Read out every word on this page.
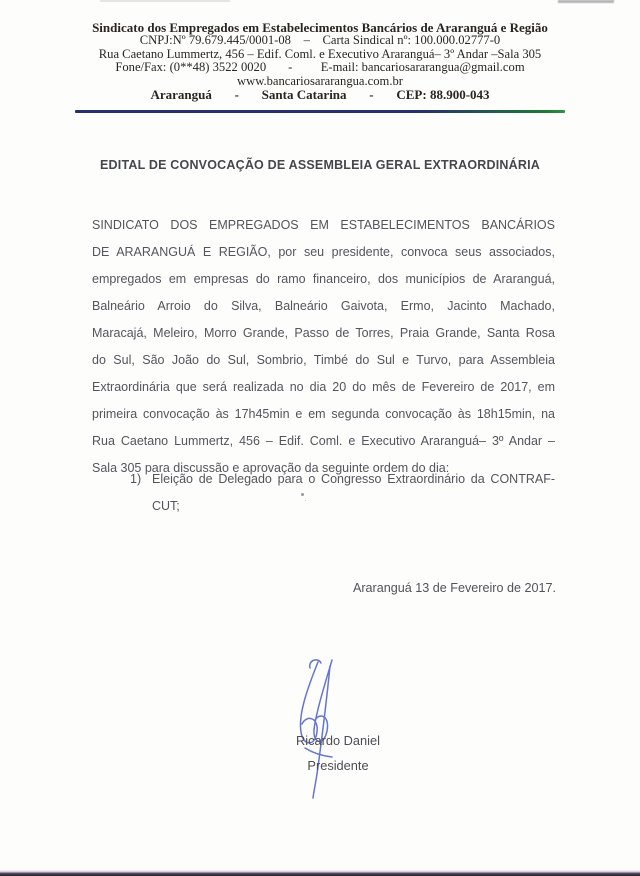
Sindicato dos Empregados em Estabelecimentos Bancários de Araranguá e Região
CNPJ:Nº 79.679.445/0001-08    –    Carta Sindical nº: 100.000.02777-0
Rua Caetano Lummertz, 456 – Edif. Coml. e Executivo Araranguá– 3º Andar –Sala 305
Fone/Fax: (0**48) 3522 0020       -         E-mail: bancariosararangua@gmail.com
www.bancariosararangua.com.br
Araranguá       -       Santa Catarina       -       CEP: 88.900-043
EDITAL DE CONVOCAÇÃO DE ASSEMBLEIA GERAL EXTRAORDINÁRIA
SINDICATO DOS EMPREGADOS EM ESTABELECIMENTOS BANCÁRIOS
DE ARARANGUÁ E REGIÃO, por seu presidente, convoca seus associados,
empregados em empresas do ramo financeiro, dos municípios de Araranguá,
Balneário Arroio do Silva, Balneário Gaivota, Ermo, Jacinto Machado,
Maracajá, Meleiro, Morro Grande, Passo de Torres, Praia Grande, Santa Rosa
do Sul, São João do Sul, Sombrio, Timbé do Sul e Turvo, para Assembleia
Extraordinária que será realizada no dia 20 do mês de Fevereiro de 2017, em
primeira convocação às 17h45min e em segunda convocação às 18h15min, na
Rua Caetano Lummertz, 456 – Edif. Coml. e Executivo Araranguá– 3º Andar –
Sala 305 para discussão e aprovação da seguinte ordem do dia:
1) Eleição de Delegado para o Congresso Extraordinário da CONTRAF-
CUT;
Araranguá 13 de Fevereiro de 2017.
Ricardo Daniel
Presidente
